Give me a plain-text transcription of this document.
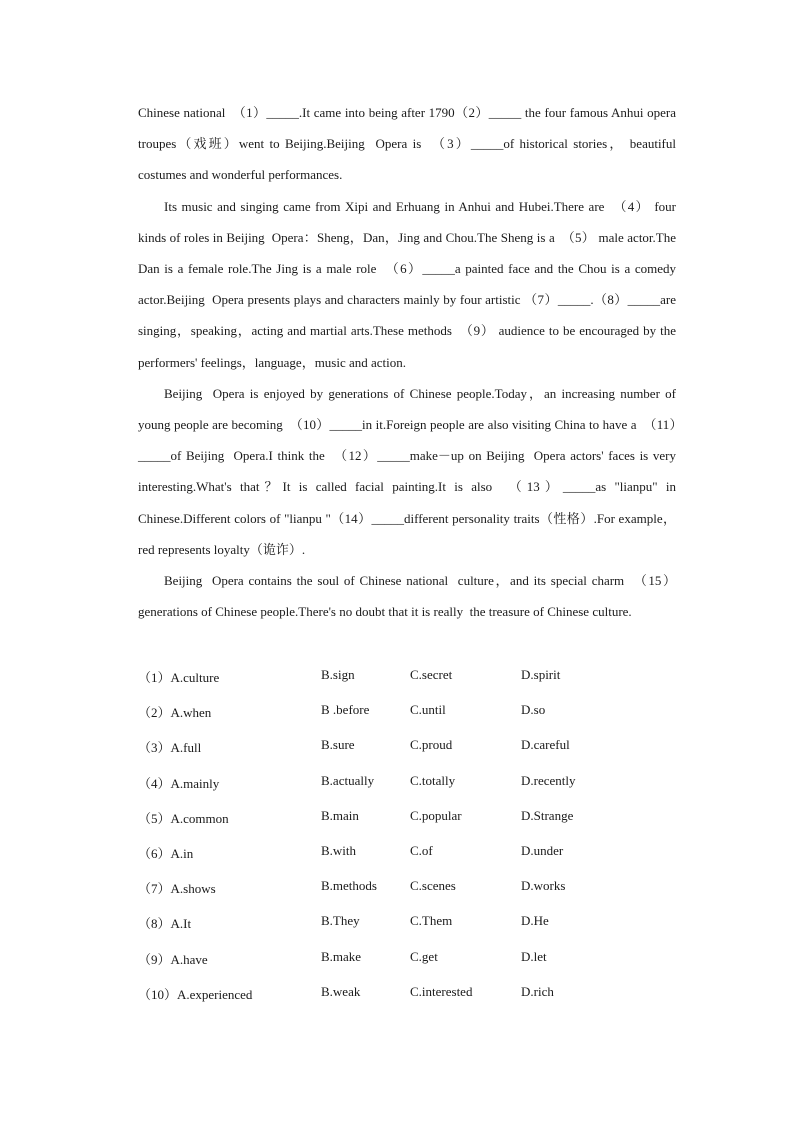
Chinese national  （1）_____.It came into being after 1790（2）_____ the four famous Anhui opera troupes（戏班）went to Beijing.Beijing  Opera is  （3）_____of historical stories， beautiful costumes and wonderful performances.

Its music and singing came from Xipi and Erhuang in Anhui and Hubei.There are  （4） four kinds of roles in Beijing  Opera：Sheng，Dan，Jing and Chou.The Sheng is a  （5） male actor.The Dan is a female role.The Jing is a male role  （6）_____a painted face and the Chou is a comedy actor.Beijing  Opera presents plays and characters mainly by four artistic （7）_____.（8）_____are singing，speaking，acting and martial arts.These methods  （9） audience to be encouraged by the performers' feelings，language，music and action.

Beijing  Opera is enjoyed by generations of Chinese people.Today，an increasing number of young people are becoming  （10）_____in it.Foreign people are also visiting China to have a  （11）_____of Beijing  Opera.I think the  （12）_____make－up on Beijing  Opera actors' faces is very interesting.What's that？It is called facial painting.It is also  （13）_____as "lianpu" in Chinese.Different colors of "lianpu "（14）_____different personality traits（性格）.For example，red represents loyalty（诡诈）.

Beijing  Opera contains the soul of Chinese national  culture，and its special charm  （15） generations of Chinese people.There's no doubt that it is really  the treasure of Chinese culture.

（1）A.culture	B.sign	C.secret	D.spirit
（2）A.when	B .before	C.until	D.so
（3）A.full	B.sure	C.proud	D.careful
（4）A.mainly	B.actually	C.totally	D.recently
（5）A.common	B.main	C.popular	D.Strange
（6）A.in	B.with	C.of	D.under
（7）A.shows	B.methods	C.scenes	D.works
（8）A.It	B.They	C.Them	D.He
（9）A.have	B.make	C.get	D.let
（10）A.experienced	B.weak	C.interested	D.rich
